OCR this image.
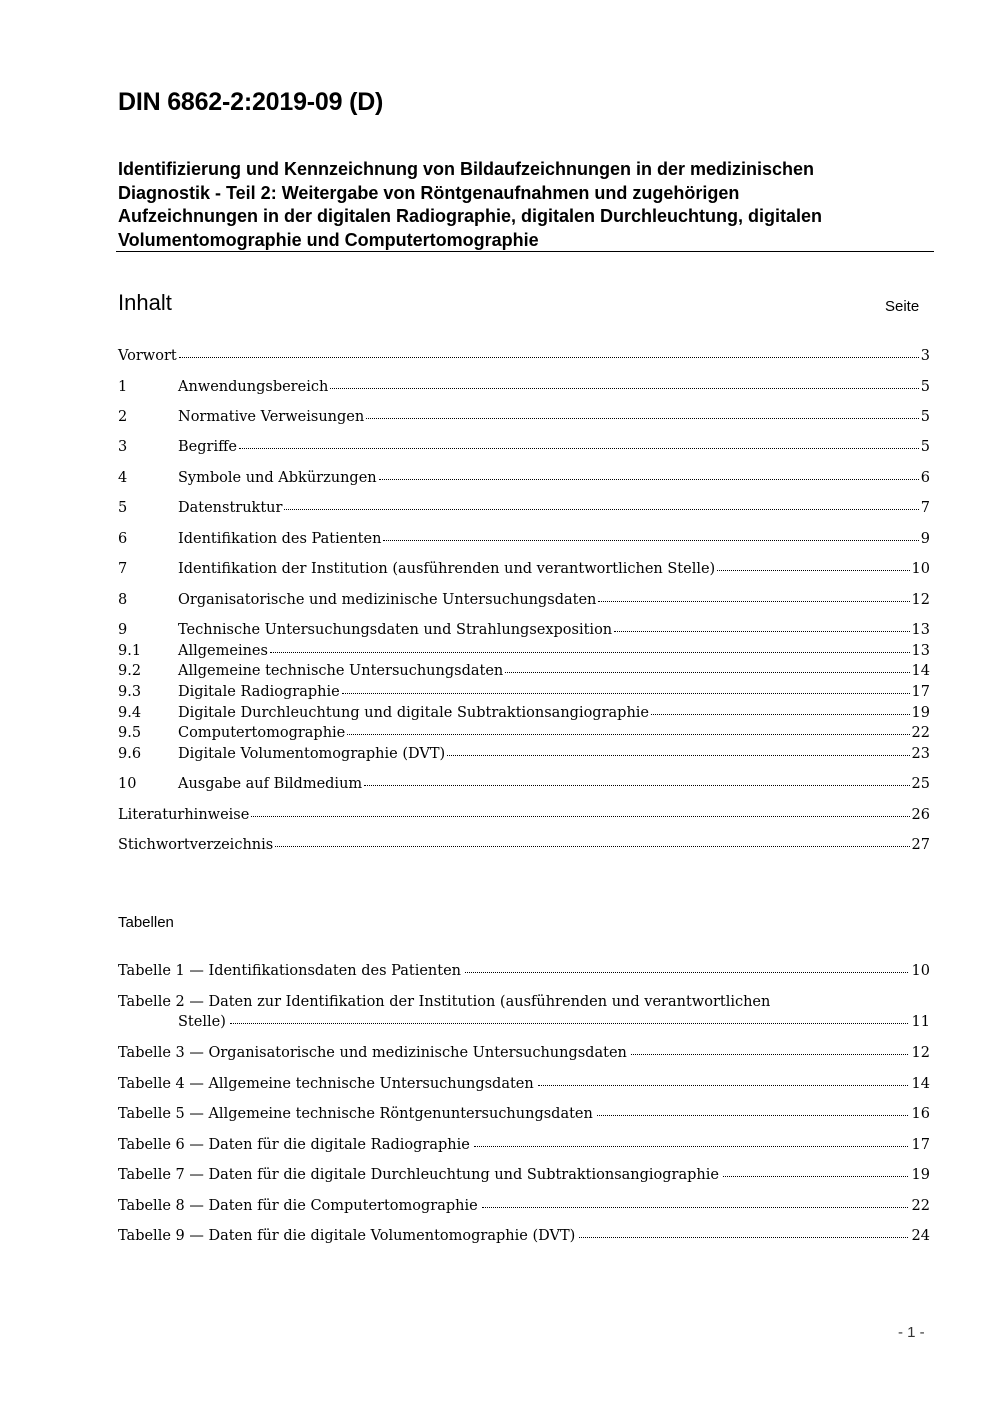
DIN 6862-2:2019-09 (D)
Identifizierung und Kennzeichnung von Bildaufzeichnungen in der medizinischen
Diagnostik - Teil 2: Weitergabe von Röntgenaufnahmen und zugehörigen
Aufzeichnungen in der digitalen Radiographie, digitalen Durchleuchtung, digitalen
Volumentomographie und Computertomographie
Inhalt	Seite
Vorwort	3
1	Anwendungsbereich	5
2	Normative Verweisungen	5
3	Begriffe	5
4	Symbole und Abkürzungen	6
5	Datenstruktur	7
6	Identifikation des Patienten	9
7	Identifikation der Institution (ausführenden und verantwortlichen Stelle)	10
8	Organisatorische und medizinische Untersuchungsdaten	12
9	Technische Untersuchungsdaten und Strahlungsexposition	13
9.1	Allgemeines	13
9.2	Allgemeine technische Untersuchungsdaten	14
9.3	Digitale Radiographie	17
9.4	Digitale Durchleuchtung und digitale Subtraktionsangiographie	19
9.5	Computertomographie	22
9.6	Digitale Volumentomographie (DVT)	23
10	Ausgabe auf Bildmedium	25
Literaturhinweise	26
Stichwortverzeichnis	27
Tabellen
Tabelle 1 — Identifikationsdaten des Patienten	10
Tabelle 2 — Daten zur Identifikation der Institution (ausführenden und verantwortlichen
Stelle)	11
Tabelle 3 — Organisatorische und medizinische Untersuchungsdaten	12
Tabelle 4 — Allgemeine technische Untersuchungsdaten	14
Tabelle 5 — Allgemeine technische Röntgenuntersuchungsdaten	16
Tabelle 6 — Daten für die digitale Radiographie	17
Tabelle 7 — Daten für die digitale Durchleuchtung und Subtraktionsangiographie	19
Tabelle 8 — Daten für die Computertomographie	22
Tabelle 9 — Daten für die digitale Volumentomographie (DVT)	24
- 1 -
